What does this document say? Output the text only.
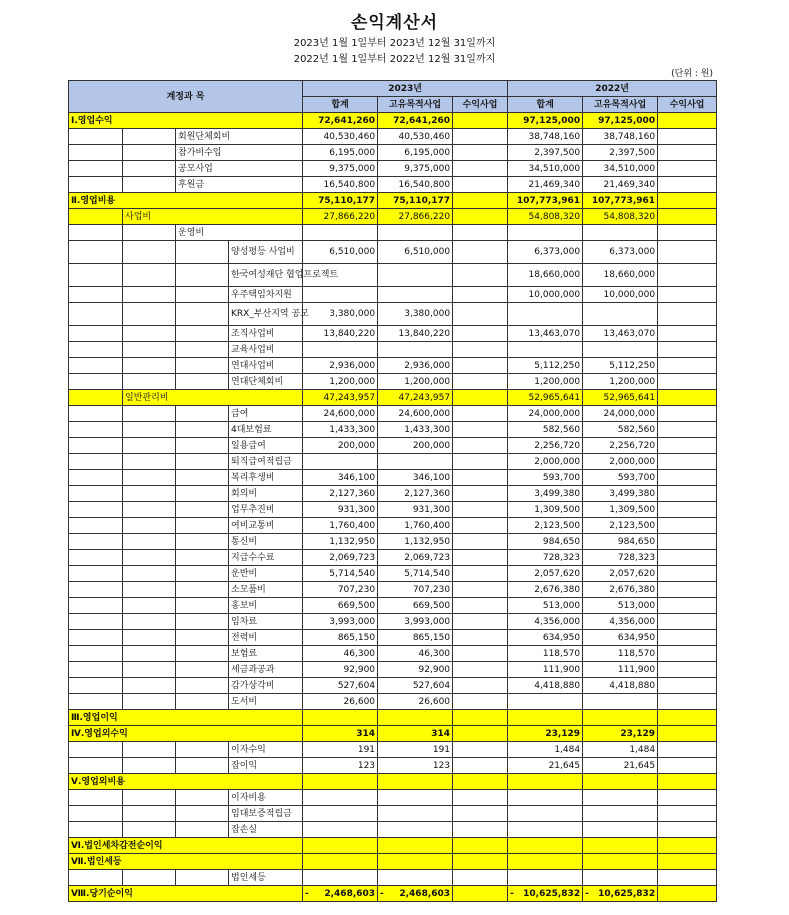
손익계산서
2023년 1월 1일부터 2023년 12월 31일까지
2022년 1월 1일부터 2022년 12월 31일까지
(단위 : 원)
계정과 목				2023년			2022년		
				합계	고유목적사업	수익사업	합계	고유목적사업	수익사업
Ⅰ.영업수익				72,641,260	72,641,260		97,125,000	97,125,000	
		회원단체회비		40,530,460	40,530,460		38,748,160	38,748,160	
		참가비수입		6,195,000	6,195,000		2,397,500	2,397,500	
		공모사업		9,375,000	9,375,000		34,510,000	34,510,000	
		후원금		16,540,800	16,540,800		21,469,340	21,469,340	
Ⅱ.영업비용				75,110,177	75,110,177		107,773,961	107,773,961	
	사업비			27,866,220	27,866,220		54,808,320	54,808,320	
		운영비							
			양성평등 사업비	6,510,000	6,510,000		6,373,000	6,373,000	
			한국여성재단 협업프로젝트				18,660,000	18,660,000	
			우주택임차지원				10,000,000	10,000,000	
			KRX_부산지역 공모	3,380,000	3,380,000				
			조직사업비	13,840,220	13,840,220		13,463,070	13,463,070	
			교육사업비						
			연대사업비	2,936,000	2,936,000		5,112,250	5,112,250	
			연대단체회비	1,200,000	1,200,000		1,200,000	1,200,000	
	일반관리비			47,243,957	47,243,957		52,965,641	52,965,641	
			급여	24,600,000	24,600,000		24,000,000	24,000,000	
			4대보험료	1,433,300	1,433,300		582,560	582,560	
			일용급여	200,000	200,000		2,256,720	2,256,720	
			퇴직급여적립금				2,000,000	2,000,000	
			복리후생비	346,100	346,100		593,700	593,700	
			회의비	2,127,360	2,127,360		3,499,380	3,499,380	
			업무추진비	931,300	931,300		1,309,500	1,309,500	
			여비교통비	1,760,400	1,760,400		2,123,500	2,123,500	
			통신비	1,132,950	1,132,950		984,650	984,650	
			지급수수료	2,069,723	2,069,723		728,323	728,323	
			운반비	5,714,540	5,714,540		2,057,620	2,057,620	
			소모품비	707,230	707,230		2,676,380	2,676,380	
			홍보비	669,500	669,500		513,000	513,000	
			임차료	3,993,000	3,993,000		4,356,000	4,356,000	
			전력비	865,150	865,150		634,950	634,950	
			보험료	46,300	46,300		118,570	118,570	
			세금과공과	92,900	92,900		111,900	111,900	
			감가상각비	527,604	527,604		4,418,880	4,418,880	
			도서비	26,600	26,600				
Ⅲ.영업이익									
Ⅳ.영업외수익				314	314		23,129	23,129	
			이자수익	191	191		1,484	1,484	
			잡이익	123	123		21,645	21,645	
Ⅴ.영업외비용									
			이자비용						
			임대보증적립금						
			잡손실						
Ⅵ.법인세차감전순이익									
Ⅶ.법인세등									
			법인세등						
Ⅷ.당기순이익				- 2,468,603	- 2,468,603		- 10,625,832	- 10,625,832	
